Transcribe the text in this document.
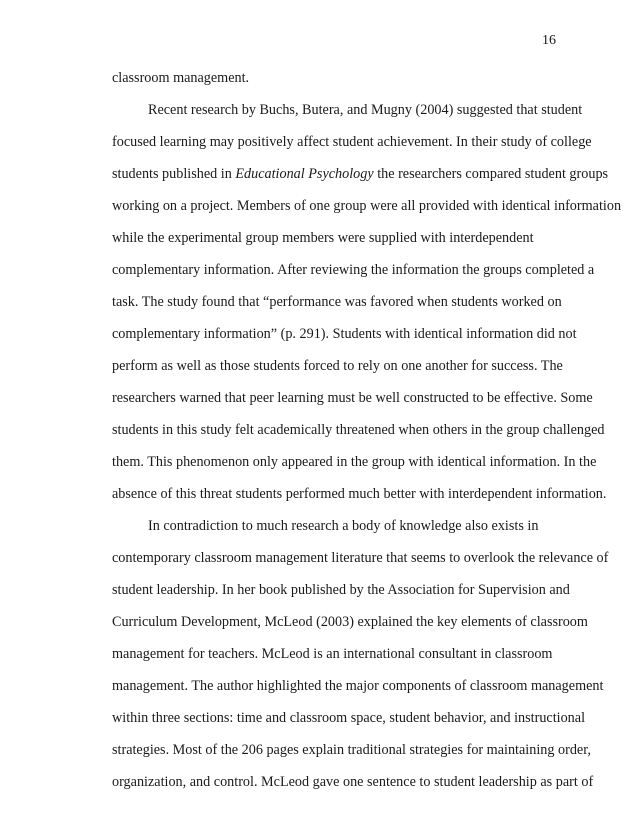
16
classroom management.
Recent research by Buchs, Butera, and Mugny (2004) suggested that student
focused learning may positively affect student achievement. In their study of college
students published in Educational Psychology the researchers compared student groups
working on a project. Members of one group were all provided with identical information
while the experimental group members were supplied with interdependent
complementary information. After reviewing the information the groups completed a
task. The study found that “performance was favored when students worked on
complementary information” (p. 291). Students with identical information did not
perform as well as those students forced to rely on one another for success. The
researchers warned that peer learning must be well constructed to be effective. Some
students in this study felt academically threatened when others in the group challenged
them. This phenomenon only appeared in the group with identical information. In the
absence of this threat students performed much better with interdependent information.
In contradiction to much research a body of knowledge also exists in
contemporary classroom management literature that seems to overlook the relevance of
student leadership. In her book published by the Association for Supervision and
Curriculum Development, McLeod (2003) explained the key elements of classroom
management for teachers. McLeod is an international consultant in classroom
management. The author highlighted the major components of classroom management
within three sections: time and classroom space, student behavior, and instructional
strategies. Most of the 206 pages explain traditional strategies for maintaining order,
organization, and control. McLeod gave one sentence to student leadership as part of
